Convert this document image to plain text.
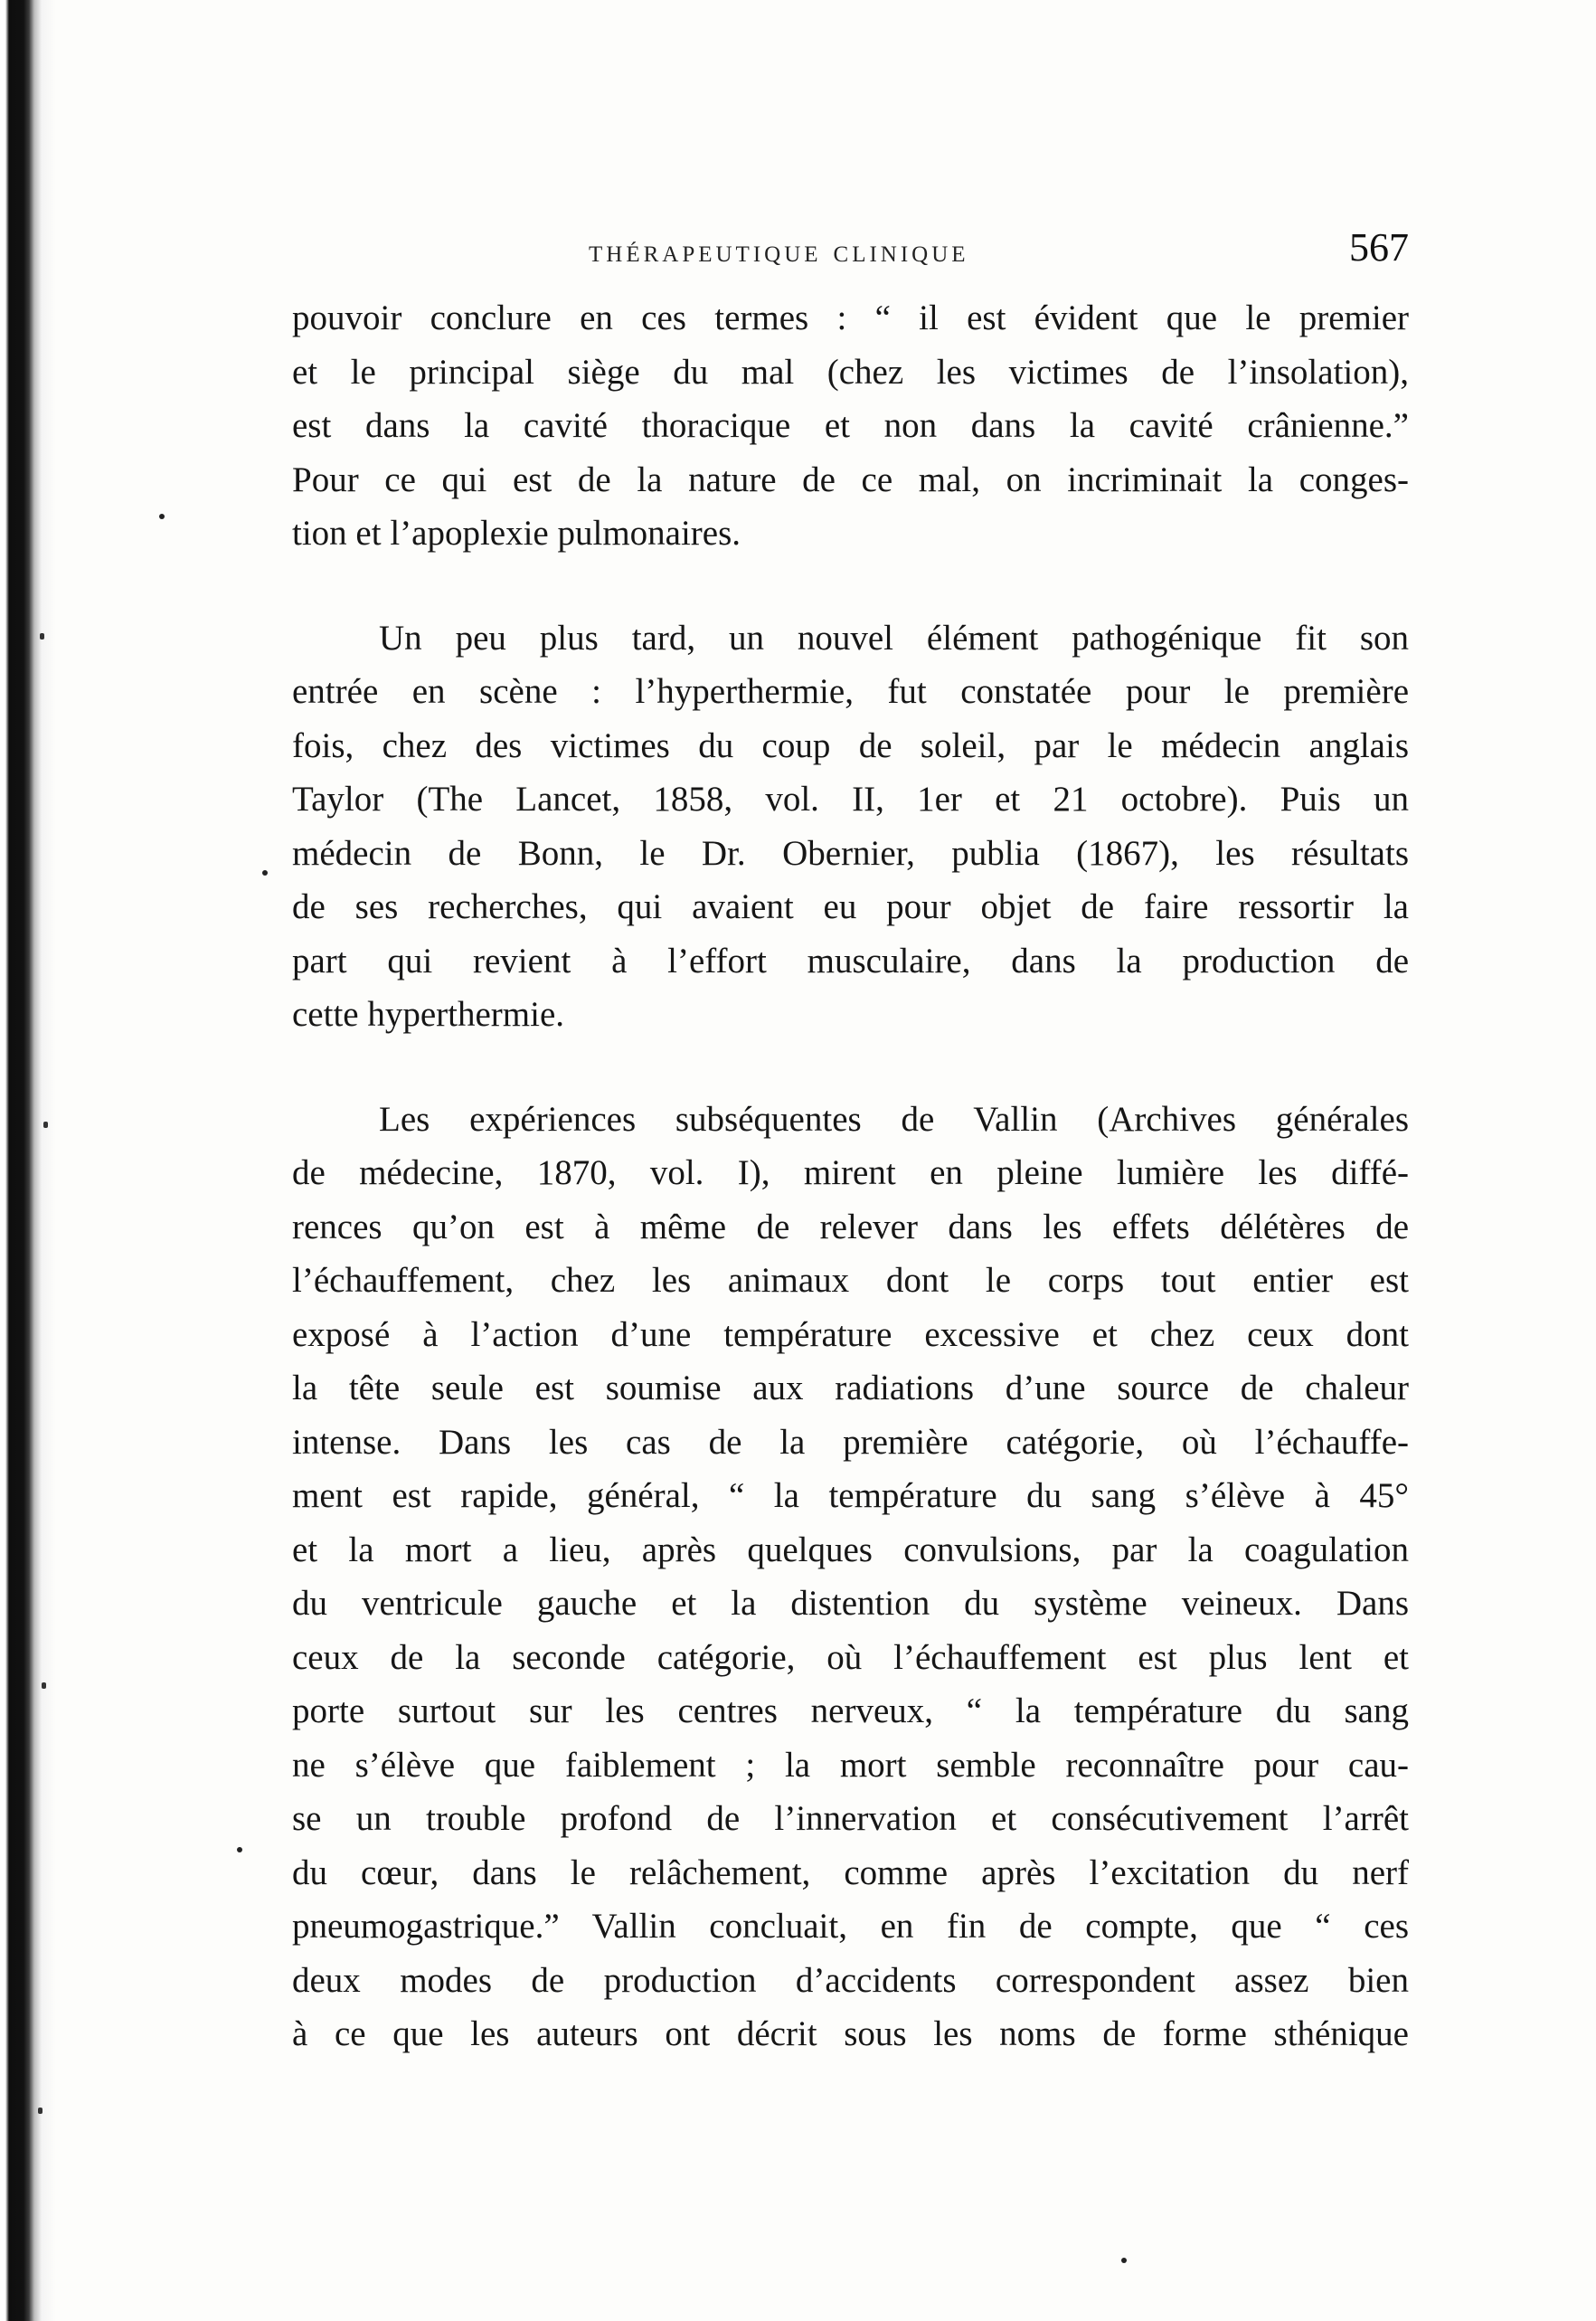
thérapeutique clinique	567
pouvoir conclure en ces termes : “ il est évident que le premier
et le principal siège du mal (chez les victimes de l’insolation),
est dans la cavité thoracique et non dans la cavité crânienne.”
Pour ce qui est de la nature de ce mal, on incriminait la conges-
tion et l’apoplexie pulmonaires.
Un peu plus tard, un nouvel élément pathogénique fit son
entrée en scène : l’hyperthermie, fut constatée pour le première
fois, chez des victimes du coup de soleil, par le médecin anglais
Taylor (The Lancet, 1858, vol. II, 1er et 21 octobre). Puis un
médecin de Bonn, le Dr. Obernier, publia (1867), les résultats
de ses recherches, qui avaient eu pour objet de faire ressortir la
part qui revient à l’effort musculaire, dans la production de
cette hyperthermie.
Les expériences subséquentes de Vallin (Archives générales
de médecine, 1870, vol. I), mirent en pleine lumière les diffé-
rences qu’on est à même de relever dans les effets délétères de
l’échauffement, chez les animaux dont le corps tout entier est
exposé à l’action d’une température excessive et chez ceux dont
la tête seule est soumise aux radiations d’une source de chaleur
intense. Dans les cas de la première catégorie, où l’échauffe-
ment est rapide, général, “ la température du sang s’élève à 45°
et la mort a lieu, après quelques convulsions, par la coagulation
du ventricule gauche et la distention du système veineux. Dans
ceux de la seconde catégorie, où l’échauffement est plus lent et
porte surtout sur les centres nerveux, “ la température du sang
ne s’élève que faiblement ; la mort semble reconnaître pour cau-
se un trouble profond de l’innervation et consécutivement l’arrêt
du cœur, dans le relâchement, comme après l’excitation du nerf
pneumogastrique.” Vallin concluait, en fin de compte, que “ ces
deux modes de production d’accidents correspondent assez bien
à ce que les auteurs ont décrit sous les noms de forme sthénique
